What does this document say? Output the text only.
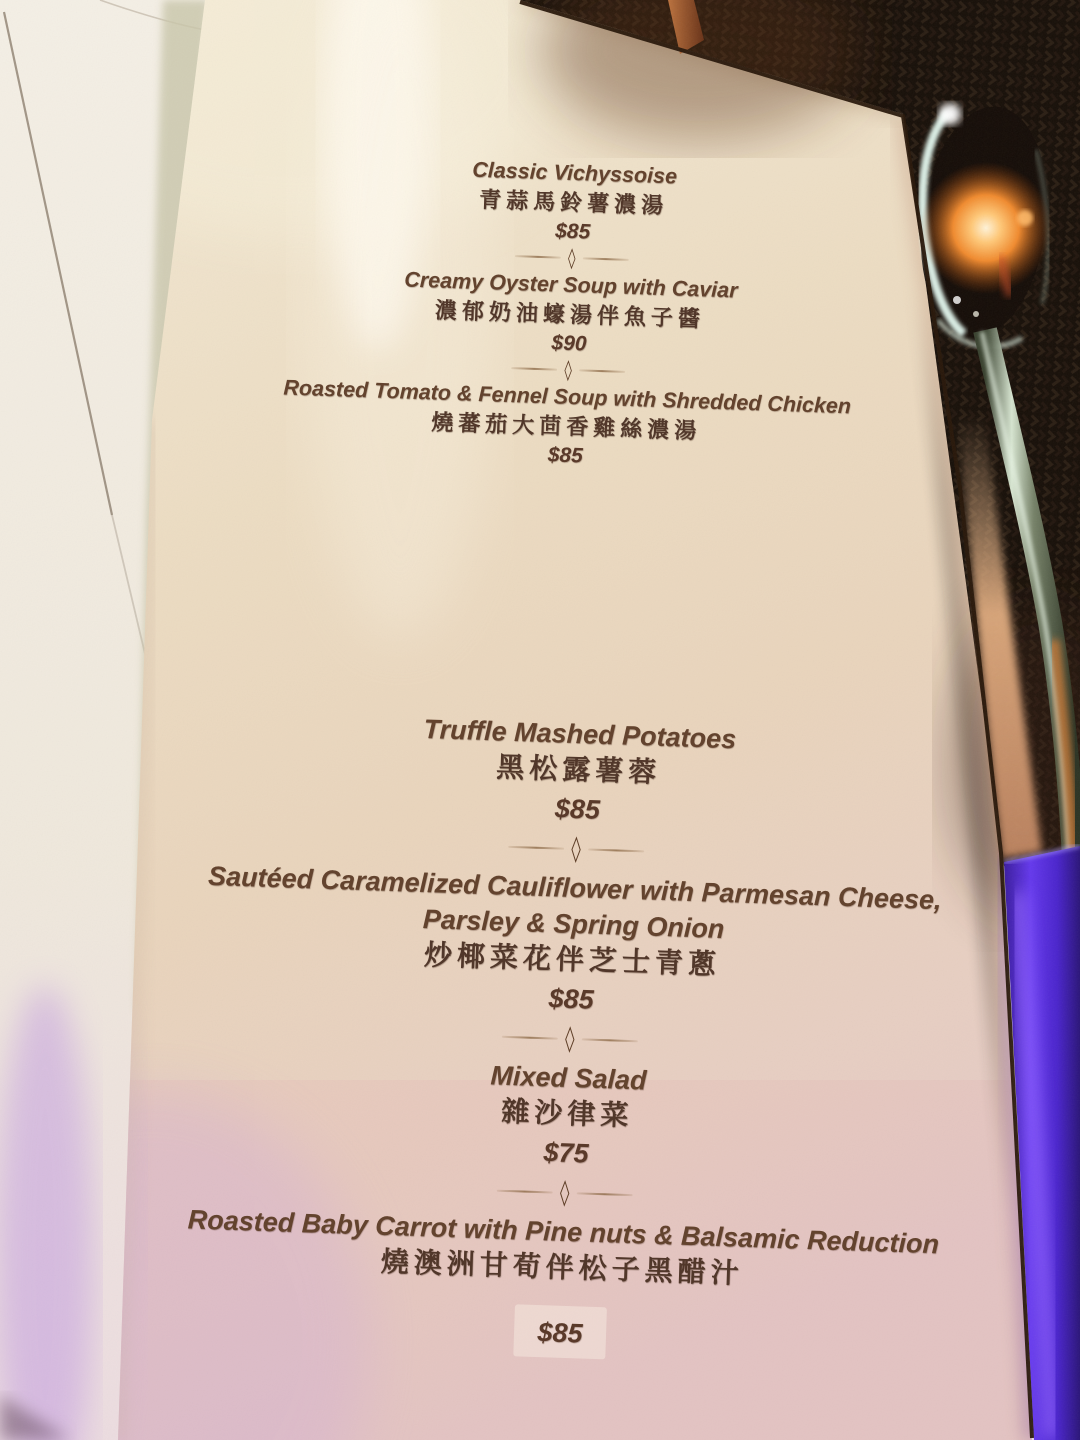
Classic Vichyssoise
青蒜馬鈴薯濃湯
$85
◊
Creamy Oyster Soup with Caviar
濃郁奶油蠔湯伴魚子醬
$90
◊
Roasted Tomato & Fennel Soup with Shredded Chicken
燒蕃茄大茴香雞絲濃湯
$85
Truffle Mashed Potatoes
黑松露薯蓉
$85
◊
Sautéed Caramelized Cauliflower with Parmesan Cheese,
Parsley & Spring Onion
炒椰菜花伴芝士青蔥
$85
◊
Mixed Salad
雜沙律菜
$75
◊
Roasted Baby Carrot with Pine nuts & Balsamic Reduction
燒澳洲甘荀伴松子黑醋汁
$85
